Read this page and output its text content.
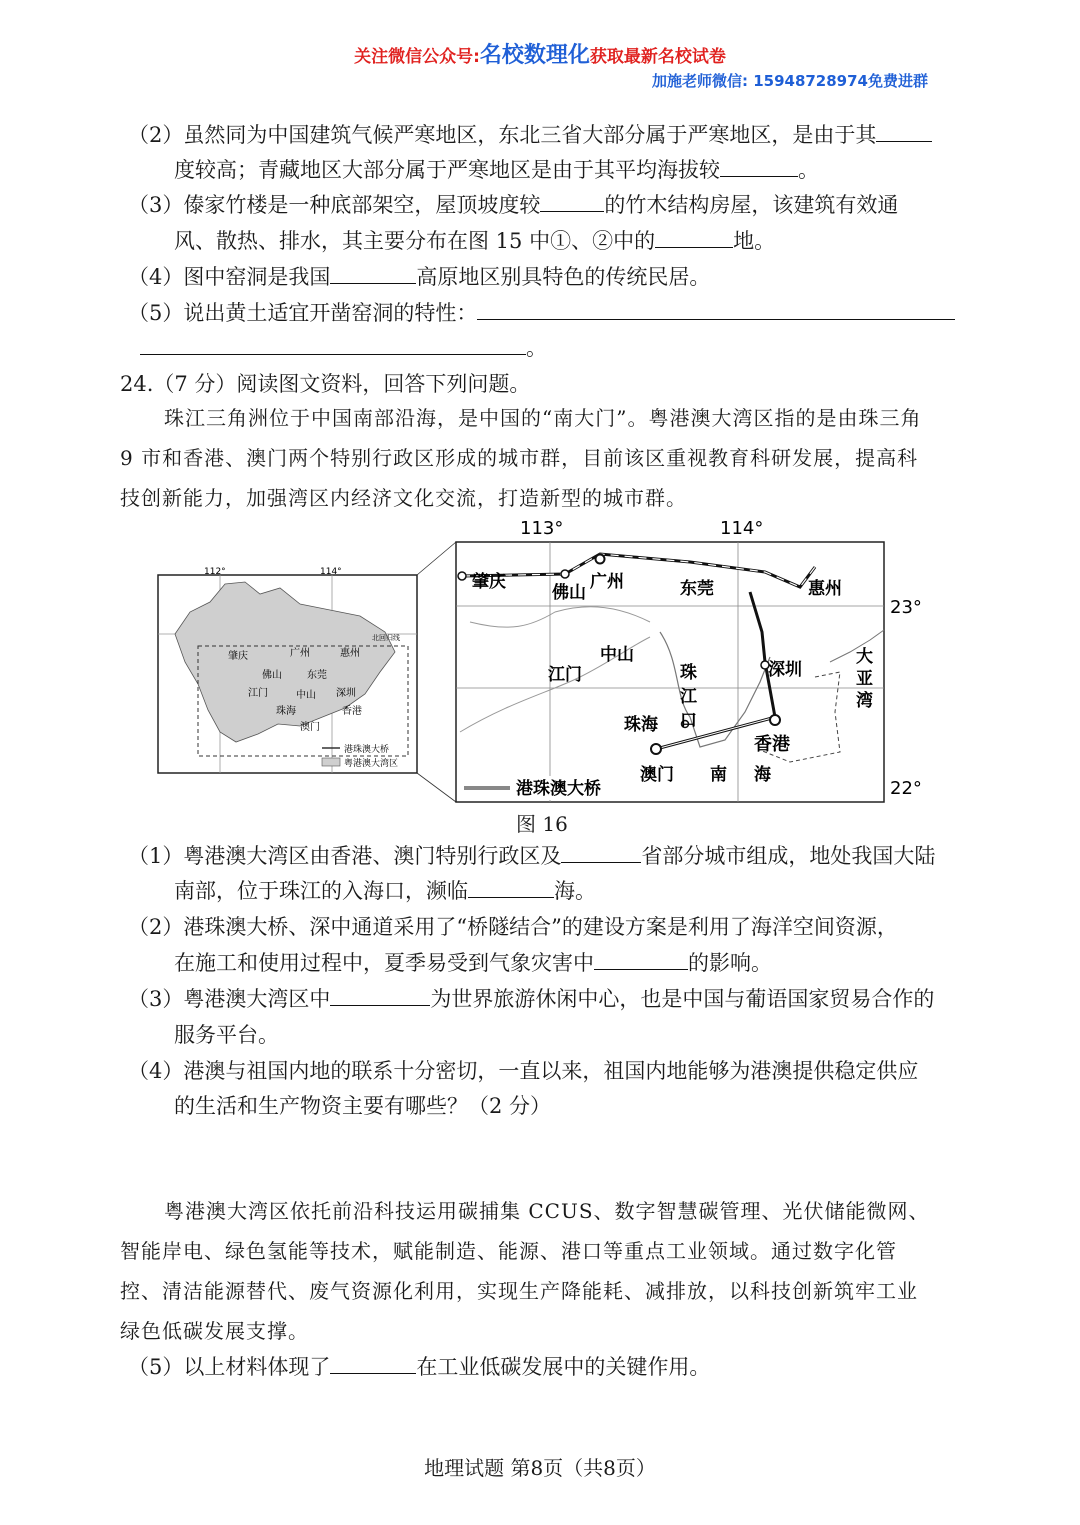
关注微信公众号:名校数理化获取最新名校试卷
加施老师微信: 15948728974免费进群
（2）虽然同为中国建筑气候严寒地区，东北三省大部分属于严寒地区，是由于其
度较高；青藏地区大部分属于严寒地区是由于其平均海拔较	。
（3）傣家竹楼是一种底部架空，屋顶坡度较	的竹木结构房屋，该建筑有效通
风、散热、排水，其主要分布在图 15 中①、②中的	地。
（4）图中窑洞是我国	高原地区别具特色的传统民居。
（5）说出黄土适宜开凿窑洞的特性：
。
24.（7 分）阅读图文资料，回答下列问题。
珠江三角洲位于中国南部沿海，是中国的“南大门”。粤港澳大湾区指的是由珠三角
9 市和香港、澳门两个特别行政区形成的城市群，目前该区重视教育科研发展，提高科
技创新能力，加强湾区内经济文化交流，打造新型的城市群。
112°	114°
北回归线
肇庆	广州	惠州
佛山	东莞
江门	中山 深圳
珠海	香港
澳门
港珠澳大桥
粤港澳大湾区
113°	114°
23°
22°
肇庆
佛山
广州	东莞	惠州
江门
中山
深圳
珠海
香港
澳门
珠
江
口
大
亚
湾
南 海
港珠澳大桥
图 16
（1）粤港澳大湾区由香港、澳门特别行政区及	省部分城市组成，地处我国大陆
南部，位于珠江的入海口，濒临	海。
（2）港珠澳大桥、深中通道采用了“桥隧结合”的建设方案是利用了海洋空间资源，
在施工和使用过程中，夏季易受到气象灾害中	的影响。
（3）粤港澳大湾区中	为世界旅游休闲中心，也是中国与葡语国家贸易合作的
服务平台。
（4）港澳与祖国内地的联系十分密切，一直以来，祖国内地能够为港澳提供稳定供应
的生活和生产物资主要有哪些？（2 分）
粤港澳大湾区依托前沿科技运用碳捕集 CCUS、数字智慧碳管理、光伏储能微网、
智能岸电、绿色氢能等技术，赋能制造、能源、港口等重点工业领域。通过数字化管
控、清洁能源替代、废气资源化利用，实现生产降能耗、减排放，以科技创新筑牢工业
绿色低碳发展支撑。
（5）以上材料体现了	在工业低碳发展中的关键作用。
地理试题 第8页（共8页）
